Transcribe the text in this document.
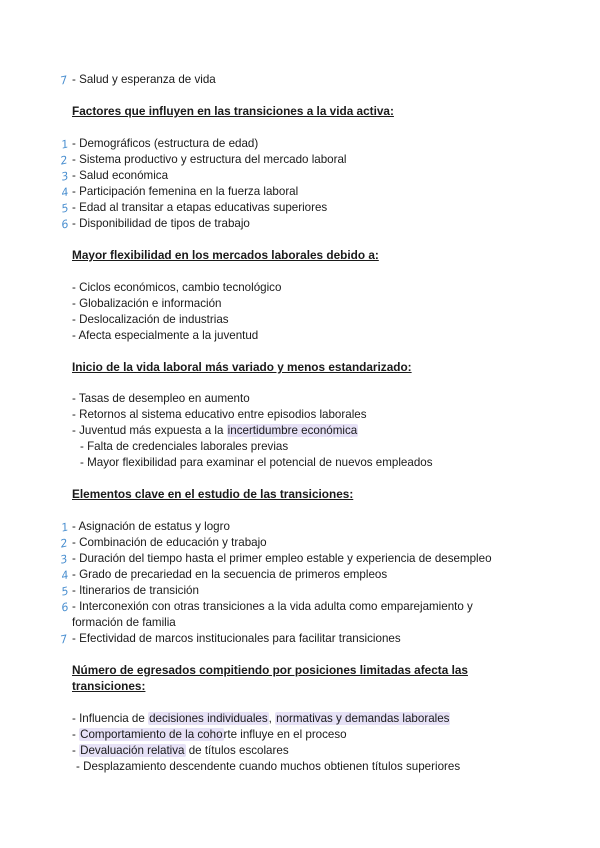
7 - Salud y esperanza de vida
Factores que influyen en las transiciones a la vida activa:
1 - Demográficos (estructura de edad)
2 - Sistema productivo y estructura del mercado laboral
3 - Salud económica
4 - Participación femenina en la fuerza laboral
5 - Edad al transitar a etapas educativas superiores
6 - Disponibilidad de tipos de trabajo
Mayor flexibilidad en los mercados laborales debido a:
- Ciclos económicos, cambio tecnológico
- Globalización e información
- Deslocalización de industrias
- Afecta especialmente a la juventud
Inicio de la vida laboral más variado y menos estandarizado:
- Tasas de desempleo en aumento
- Retornos al sistema educativo entre episodios laborales
- Juventud más expuesta a la incertidumbre económica
- Falta de credenciales laborales previas
- Mayor flexibilidad para examinar el potencial de nuevos empleados
Elementos clave en el estudio de las transiciones:
1 - Asignación de estatus y logro
2 - Combinación de educación y trabajo
3 - Duración del tiempo hasta el primer empleo estable y experiencia de desempleo
4 - Grado de precariedad en la secuencia de primeros empleos
5 - Itinerarios de transición
6 - Interconexión con otras transiciones a la vida adulta como emparejamiento y
formación de familia
7 - Efectividad de marcos institucionales para facilitar transiciones
Número de egresados compitiendo por posiciones limitadas afecta las
transiciones:
- Influencia de decisiones individuales, normativas y demandas laborales
- Comportamiento de la cohorte influye en el proceso
- Devaluación relativa de títulos escolares
- Desplazamiento descendente cuando muchos obtienen títulos superiores
